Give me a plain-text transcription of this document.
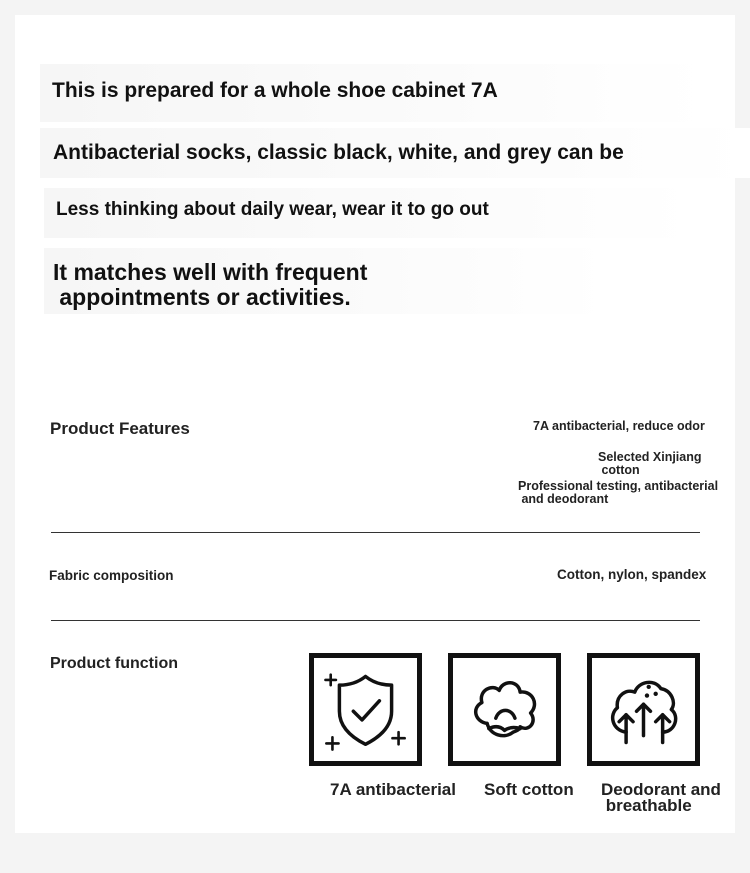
This is prepared for a whole shoe cabinet 7A
Antibacterial socks, classic black, white, and grey can be
Less thinking about daily wear, wear it to go out
It matches well with frequent
appointments or activities.
Product Features	7A antibacterial, reduce odor
Selected Xinjiang
cotton
Professional testing, antibacterial
and deodorant
Fabric composition	Cotton, nylon, spandex
Product function
7A antibacterial Soft cotton Deodorant and
breathable
